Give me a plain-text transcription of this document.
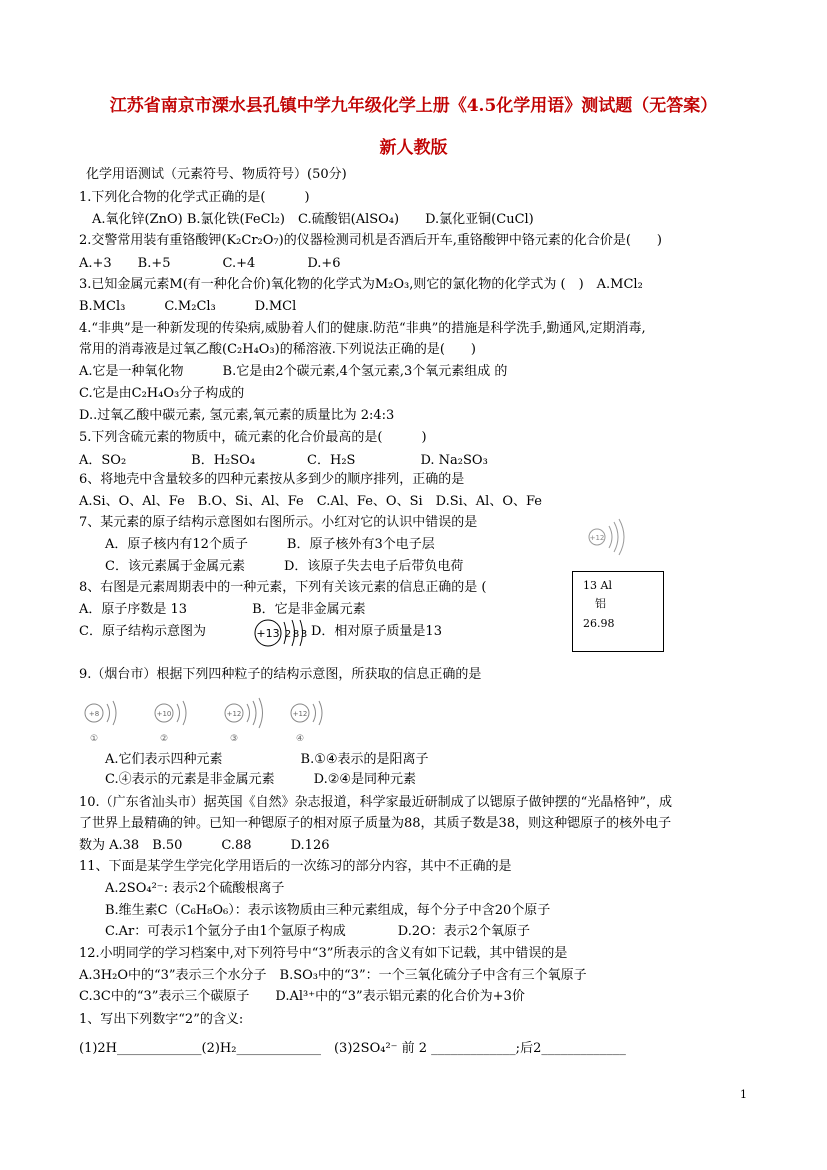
江苏省南京市溧水县孔镇中学九年级化学上册《4.5化学用语》测试题（无答案）
新人教版
化学用语测试（元素符号、物质符号）(50分)
1.下列化合物的化学式正确的是(　　　)
　A.氧化锌(ZnO) B.氯化铁(FeCl₂)　C.硫酸铝(AlSO₄)　　D.氯化亚铜(CuCl)
2.交警常用装有重铬酸钾(K₂Cr₂O₇)的仪器检测司机是否酒后开车,重铬酸钾中铬元素的化合价是(　　)
A.+3　　B.+5　　　　C.+4　　　　D.+6
3.已知金属元素M(有一种化合价)氧化物的化学式为M₂O₃,则它的氯化物的化学式为 (　)　A.MCl₂
B.MCl₃　　　C.M₂Cl₃　　　D.MCl
4.“非典”是一种新发现的传染病,威胁着人们的健康.防范“非典”的措施是科学洗手,勤通风,定期消毒,
常用的消毒液是过氧乙酸(C₂H₄O₃)的稀溶液.下列说法正确的是(　　)
A.它是一种氧化物　　　B.它是由2个碳元素,4个氢元素,3个氧元素组成 的
C.它是由C₂H₄O₃分子构成的
D..过氧乙酸中碳元素, 氢元素,氧元素的质量比为 2:4:3
5.下列含硫元素的物质中，硫元素的化合价最高的是(　　　)
A．SO₂　　　　　B．H₂SO₄　　　　C．H₂S　　　　　D. Na₂SO₃
6、将地壳中含量较多的四种元素按从多到少的顺序排列，正确的是
A.Si、O、Al、Fe　B.O、Si、Al、Fe　C.Al、Fe、O、Si　D.Si、Al、O、Fe
7、某元素的原子结构示意图如右图所示。小红对它的认识中错误的是
　　A．原子核内有12个质子　　　B．原子核外有3个电子层
　　C．该元素属于金属元素　　　D．该原子失去电子后带负电荷
8、右图是元素周期表中的一种元素，下列有关该元素的信息正确的是 (
A．原子序数是 13　　　　　B．它是非金属元素
C．原子结构示意图为	D．相对原子质量是13
9.（烟台市）根据下列四种粒子的结构示意图，所获取的信息正确的是
　　A.它们表示四种元素　　　　　　B.①④表示的是阳离子
　　C.④表示的元素是非金属元素　　　D.②④是同种元素
10.（广东省汕头市）据英国《自然》杂志报道，科学家最近研制成了以锶原子做钟摆的“光晶格钟”，成
了世界上最精确的钟。已知一种锶原子的相对原子质量为88，其质子数是38，则这种锶原子的核外电子
数为 A.38　B.50　　　C.88　　　D.126
11、下面是某学生学完化学用语后的一次练习的部分内容，其中不正确的是
　　A.2SO₄²⁻: 表示2个硫酸根离子
　　B.维生素C（C₆H₈O₆）：表示该物质由三种元素组成，每个分子中含20个原子
　　C.Ar：可表示1个氩分子由1个氩原子构成　　　　D.2O：表示2个氧原子
12.小明同学的学习档案中,对下列符号中“3”所表示的含义有如下记载，其中错误的是
A.3H₂O中的“3”表示三个水分子　B.SO₃中的“3”：一个三氧化硫分子中含有三个氧原子
C.3C中的“3”表示三个碳原子　　D.Al³⁺中的“3”表示铝元素的化合价为+3价
1、写出下列数字“2”的含义:
(1)2H_____________(2)H₂_____________　(3)2SO₄²⁻ 前 2 _____________;后2_____________
+12
13 Al
铝
26.98
+13 2 8 3
+8
①
+10
②
+12
③
+12
④
1
